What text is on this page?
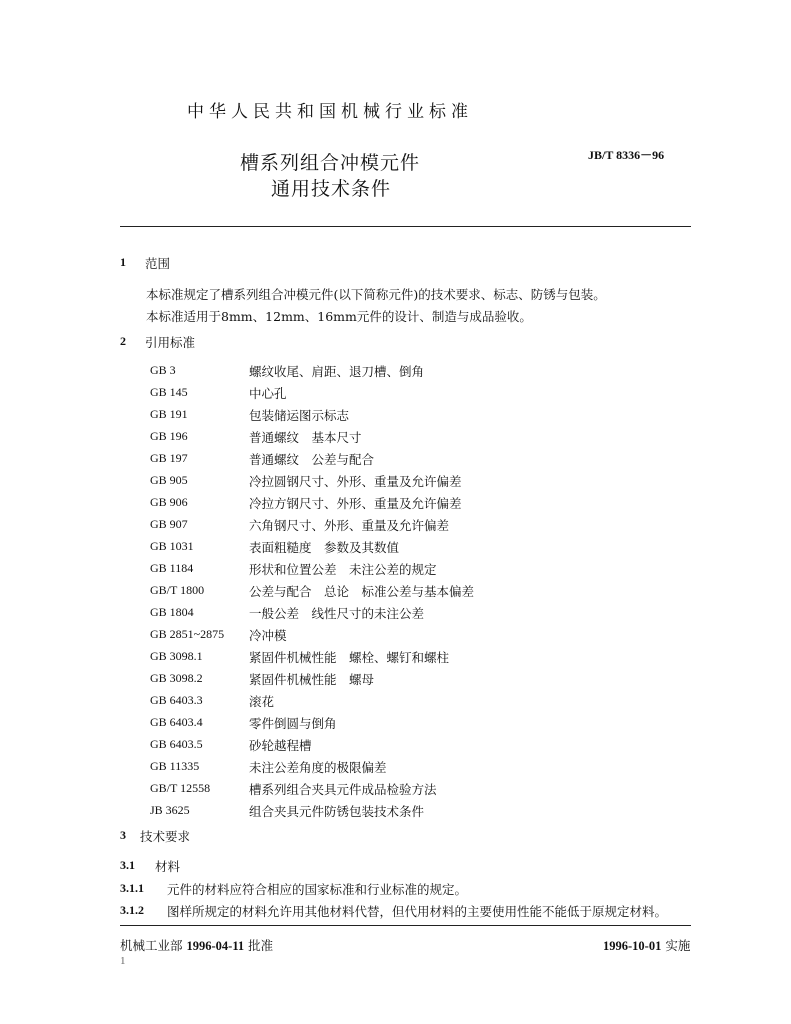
中华人民共和国机械行业标准
JB/T 8336－96
槽系列组合冲模元件
通用技术条件
1 范围
本标准规定了槽系列组合冲模元件(以下简称元件)的技术要求、标志、防锈与包装。
本标准适用于8mm、12mm、16mm元件的设计、制造与成品验收。
2 引用标准
GB 3	螺纹收尾、肩距、退刀槽、倒角
GB 145	中心孔
GB 191	包装储运图示标志
GB 196	普通螺纹　基本尺寸
GB 197	普通螺纹　公差与配合
GB 905	冷拉圆钢尺寸、外形、重量及允许偏差
GB 906	冷拉方钢尺寸、外形、重量及允许偏差
GB 907	六角钢尺寸、外形、重量及允许偏差
GB 1031	表面粗糙度　参数及其数值
GB 1184	形状和位置公差　未注公差的规定
GB/T 1800	公差与配合　总论　标准公差与基本偏差
GB 1804	一般公差　线性尺寸的未注公差
GB 2851~2875 冷冲模
GB 3098.1	紧固件机械性能　螺栓、螺钉和螺柱
GB 3098.2	紧固件机械性能　螺母
GB 6403.3	滚花
GB 6403.4	零件倒圆与倒角
GB 6403.5	砂轮越程槽
GB 11335	未注公差角度的极限偏差
GB/T 12558	槽系列组合夹具元件成品检验方法
JB 3625	组合夹具元件防锈包装技术条件
3 技术要求
3.1 材料
3.1.1 元件的材料应符合相应的国家标准和行业标准的规定。
3.1.2 图样所规定的材料允许用其他材料代替，但代用材料的主要使用性能不能低于原规定材料。
机械工业部 1996-04-11 批准	1996-10-01 实施
1
